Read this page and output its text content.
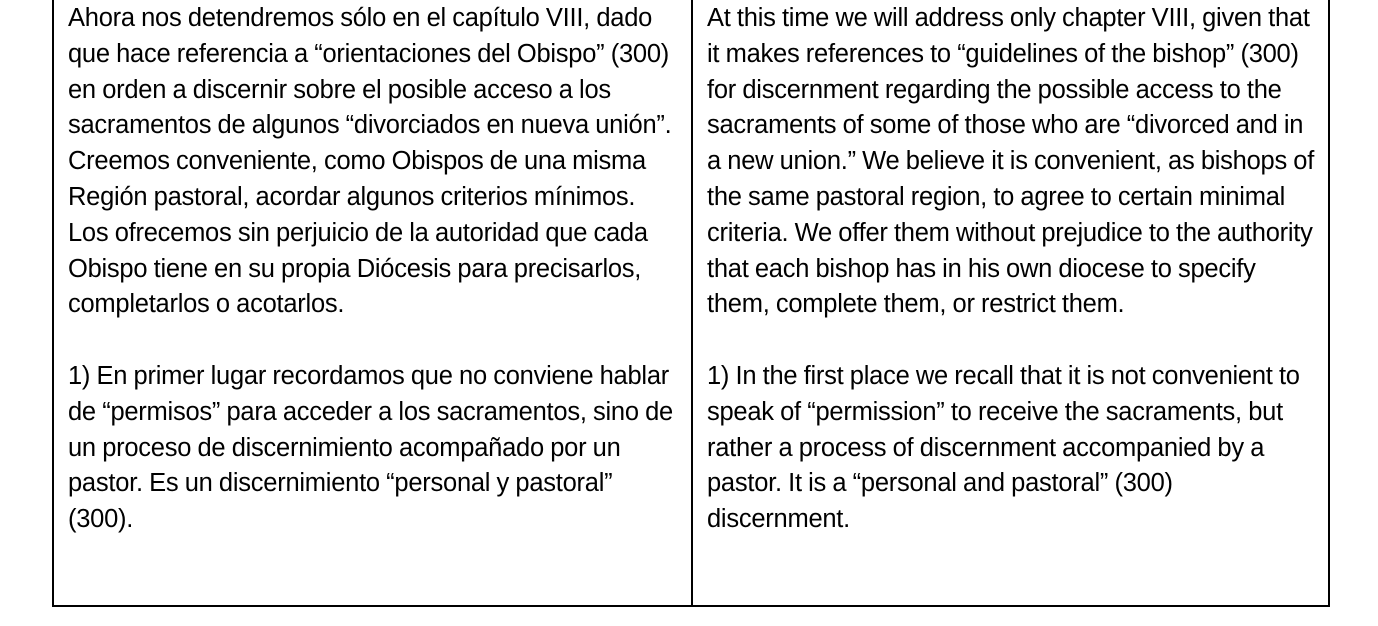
Ahora nos detendremos sólo en el capítulo VIII, dado que hace referencia a “orientaciones del Obispo” (300) en orden a discernir sobre el posible acceso a los sacramentos de algunos “divorciados en nueva unión”. Creemos conveniente, como Obispos de una misma Región pastoral, acordar algunos criterios mínimos. Los ofrecemos sin perjuicio de la autoridad que cada Obispo tiene en su propia Diócesis para precisarlos, completarlos o acotarlos.

1) En primer lugar recordamos que no conviene hablar de “permisos” para acceder a los sacramentos, sino de un proceso de discernimiento acompañado por un pastor. Es un discernimiento “personal y pastoral” (300).

At this time we will address only chapter VIII, given that it makes references to “guidelines of the bishop” (300) for discernment regarding the possible access to the sacraments of some of those who are “divorced and in a new union.” We believe it is convenient, as bishops of the same pastoral region, to agree to certain minimal criteria. We offer them without prejudice to the authority that each bishop has in his own diocese to specify them, complete them, or restrict them.

1) In the first place we recall that it is not convenient to speak of “permission” to receive the sacraments, but rather a process of discernment accompanied by a pastor. It is a “personal and pastoral” (300) discernment.
